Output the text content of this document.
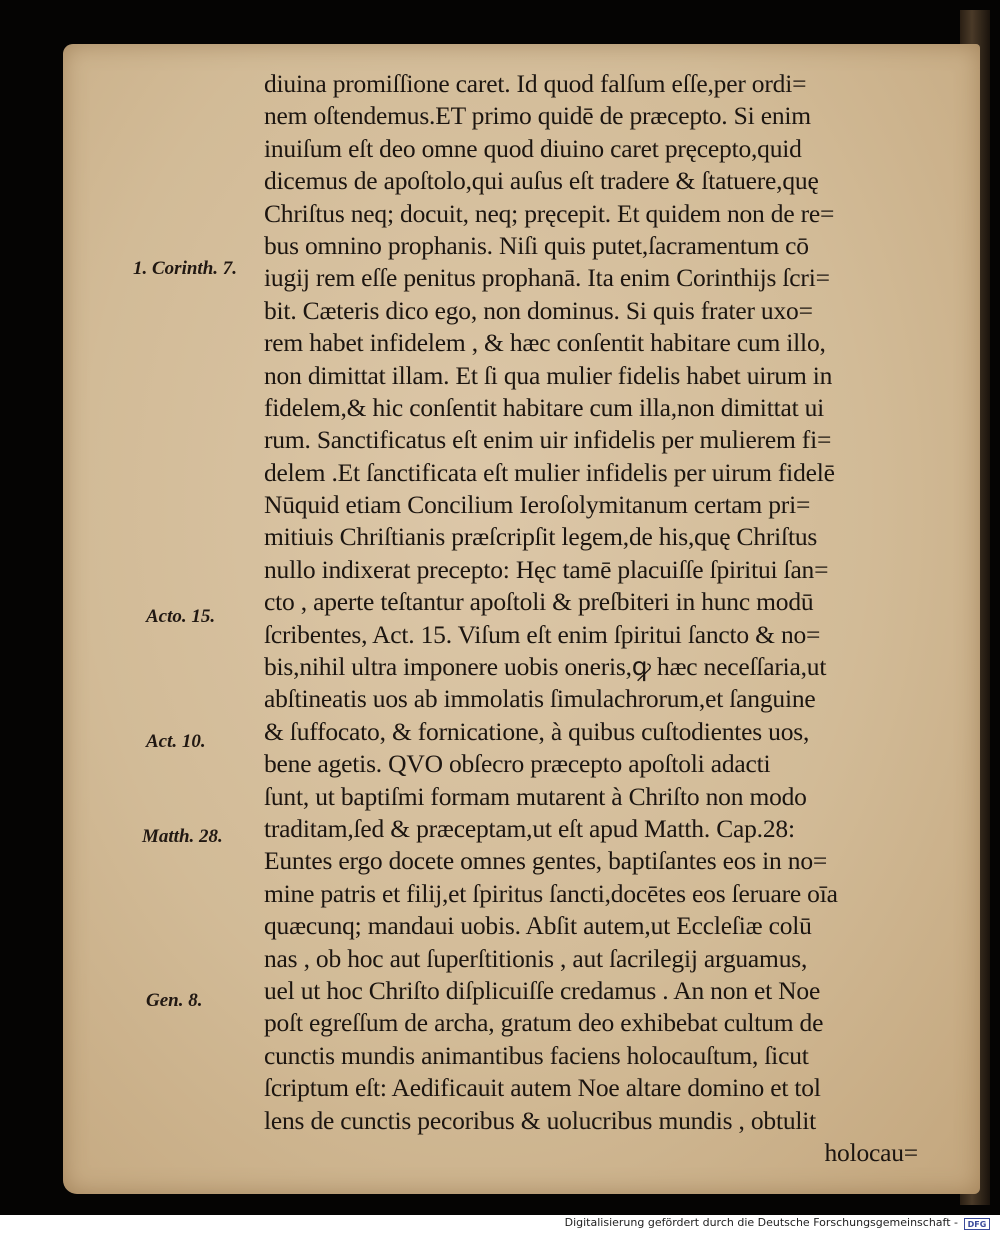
1. Corinth. 7.
Acto. 15.
Act. 10.
Matth. 28.
Gen. 8.
diuina promiſſione caret. Id quod falſum eſſe,per ordi=
nem oſtendemus.ET primo quidē de præcepto. Si enim
inuiſum eſt deo omne quod diuino caret pręcepto,quid
dicemus de apoſtolo,qui auſus eſt tradere & ſtatuere,quę
Chriſtus neq; docuit, neq; pręcepit. Et quidem non de re=
bus omnino prophanis. Niſi quis putet,ſacramentum cō
iugij rem eſſe penitus prophanā. Ita enim Corinthijs ſcri=
bit. Cæteris dico ego, non dominus. Si quis frater uxo=
rem habet infidelem , & hæc conſentit habitare cum illo,
non dimittat illam. Et ſi qua mulier fidelis habet uirum in
fidelem,& hic conſentit habitare cum illa,non dimittat ui
rum. Sanctificatus eſt enim uir infidelis per mulierem fi=
delem .Et ſanctificata eſt mulier infidelis per uirum fidelē
Nūquid etiam Concilium Ieroſolymitanum certam pri=
mitiuis Chriſtianis præſcripſit legem,de his,quę Chriſtus
nullo indixerat precepto: Hęc tamē placuiſſe ſpiritui ſan=
cto , aperte teſtantur apoſtoli & preſbiteri in hunc modū
ſcribentes, Act. 15. Viſum eſt enim ſpiritui ſancto & no=
bis,nihil ultra imponere uobis oneris,ꝙ hæc neceſſaria,ut
abſtineatis uos ab immolatis ſimulachrorum,et ſanguine
& ſuffocato, & fornicatione, à quibus cuſtodientes uos,
bene agetis. QVO obſecro præcepto apoſtoli adacti
ſunt, ut baptiſmi formam mutarent à Chriſto non modo
traditam,ſed & præceptam,ut eſt apud Matth. Cap.28:
Euntes ergo docete omnes gentes, baptiſantes eos in no=
mine patris et filij,et ſpiritus ſancti,docētes eos ſeruare oīa
quæcunq; mandaui uobis. Abſit autem,ut Eccleſiæ colū
nas , ob hoc aut ſuperſtitionis , aut ſacrilegij arguamus,
uel ut hoc Chriſto diſplicuiſſe credamus . An non et Noe
poſt egreſſum de archa, gratum deo exhibebat cultum de
cunctis mundis animantibus faciens holocauſtum, ſicut
ſcriptum eſt: Aedificauit autem Noe altare domino et tol
lens de cunctis pecoribus & uolucribus mundis , obtulit
holocau=
Digitalisierung gefördert durch die Deutsche Forschungsgemeinschaft -	DFG
